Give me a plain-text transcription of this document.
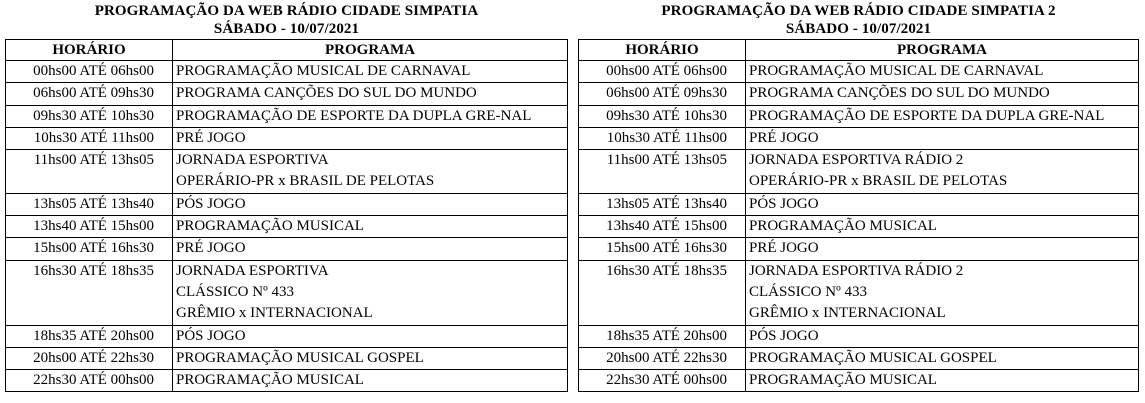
PROGRAMAÇÃO DA WEB RÁDIO CIDADE SIMPATIA
SÁBADO - 10/07/2021
HORÁRIO	PROGRAMA
00hs00 ATÉ 06hs00	PROGRAMAÇÃO MUSICAL DE CARNAVAL

06hs00 ATÉ 09hs30	PROGRAMA CANÇÕES DO SUL DO MUNDO

09hs30 ATÉ 10hs30	PROGRAMAÇÃO DE ESPORTE DA DUPLA GRE-NAL

10hs30 ATÉ 11hs00	PRÉ JOGO

11hs00 ATÉ 13hs05	JORNADA ESPORTIVA
OPERÁRIO-PR x BRASIL DE PELOTAS

13hs05 ATÉ 13hs40	PÓS JOGO

13hs40 ATÉ 15hs00	PROGRAMAÇÃO MUSICAL

15hs00 ATÉ 16hs30	PRÉ JOGO

16hs30 ATÉ 18hs35	JORNADA ESPORTIVA
CLÁSSICO Nº 433
GRÊMIO x INTERNACIONAL

18hs35 ATÉ 20hs00	PÓS JOGO

20hs00 ATÉ 22hs30	PROGRAMAÇÃO MUSICAL GOSPEL

22hs30 ATÉ 00hs00	PROGRAMAÇÃO MUSICAL
PROGRAMAÇÃO DA WEB RÁDIO CIDADE SIMPATIA 2
SÁBADO - 10/07/2021
HORÁRIO	PROGRAMA
00hs00 ATÉ 06hs00	PROGRAMAÇÃO MUSICAL DE CARNAVAL

06hs00 ATÉ 09hs30	PROGRAMA CANÇÕES DO SUL DO MUNDO

09hs30 ATÉ 10hs30	PROGRAMAÇÃO DE ESPORTE DA DUPLA GRE-NAL

10hs30 ATÉ 11hs00	PRÉ JOGO

11hs00 ATÉ 13hs05	JORNADA ESPORTIVA RÁDIO 2
OPERÁRIO-PR x BRASIL DE PELOTAS

13hs05 ATÉ 13hs40	PÓS JOGO

13hs40 ATÉ 15hs00	PROGRAMAÇÃO MUSICAL

15hs00 ATÉ 16hs30	PRÉ JOGO

16hs30 ATÉ 18hs35	JORNADA ESPORTIVA RÁDIO 2
CLÁSSICO Nº 433
GRÊMIO x INTERNACIONAL

18hs35 ATÉ 20hs00	PÓS JOGO

20hs00 ATÉ 22hs30	PROGRAMAÇÃO MUSICAL GOSPEL

22hs30 ATÉ 00hs00	PROGRAMAÇÃO MUSICAL
